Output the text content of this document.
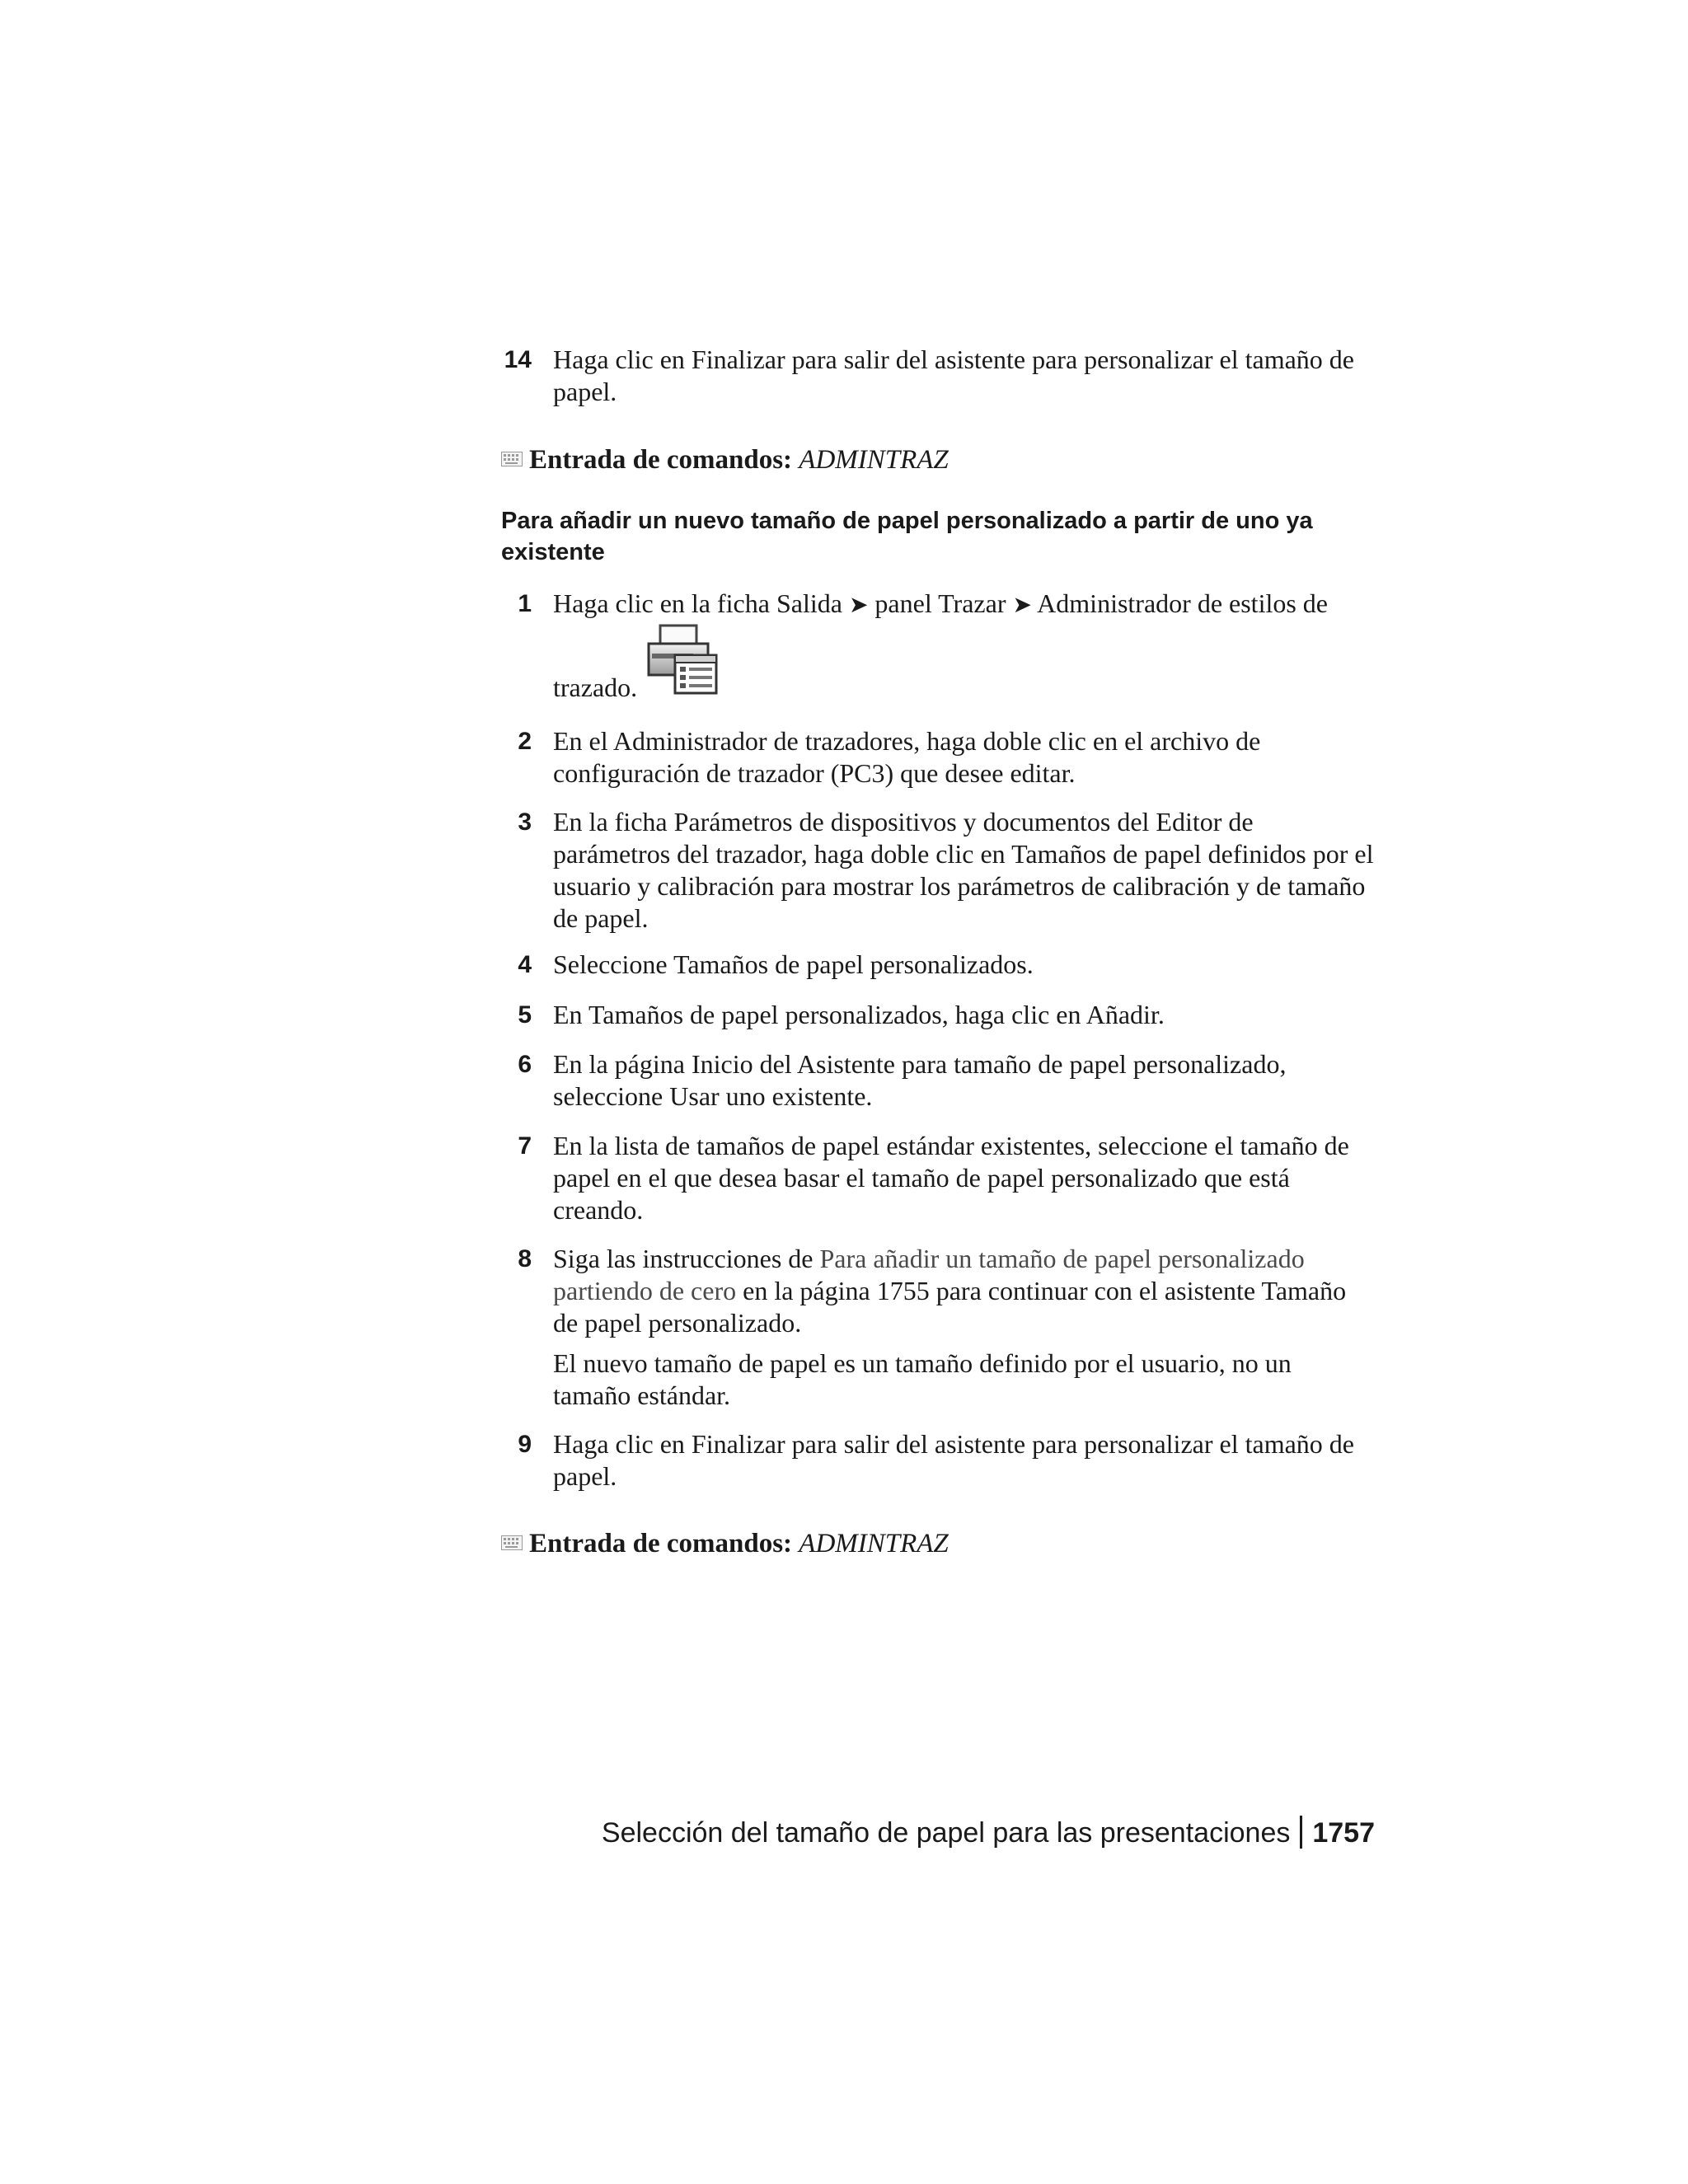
14 Haga clic en Finalizar para salir del asistente para personalizar el tamaño de papel.
Entrada de comandos: ADMINTRAZ
Para añadir un nuevo tamaño de papel personalizado a partir de uno ya existente
1 Haga clic en la ficha Salida ➤ panel Trazar ➤ Administrador de estilos de trazado.
2 En el Administrador de trazadores, haga doble clic en el archivo de configuración de trazador (PC3) que desee editar.
3 En la ficha Parámetros de dispositivos y documentos del Editor de parámetros del trazador, haga doble clic en Tamaños de papel definidos por el usuario y calibración para mostrar los parámetros de calibración y de tamaño de papel.
4 Seleccione Tamaños de papel personalizados.
5 En Tamaños de papel personalizados, haga clic en Añadir.
6 En la página Inicio del Asistente para tamaño de papel personalizado, seleccione Usar uno existente.
7 En la lista de tamaños de papel estándar existentes, seleccione el tamaño de papel en el que desea basar el tamaño de papel personalizado que está creando.
8 Siga las instrucciones de Para añadir un tamaño de papel personalizado partiendo de cero en la página 1755 para continuar con el asistente Tamaño de papel personalizado.
El nuevo tamaño de papel es un tamaño definido por el usuario, no un tamaño estándar.
9 Haga clic en Finalizar para salir del asistente para personalizar el tamaño de papel.
Entrada de comandos: ADMINTRAZ
Selección del tamaño de papel para las presentaciones 1757
